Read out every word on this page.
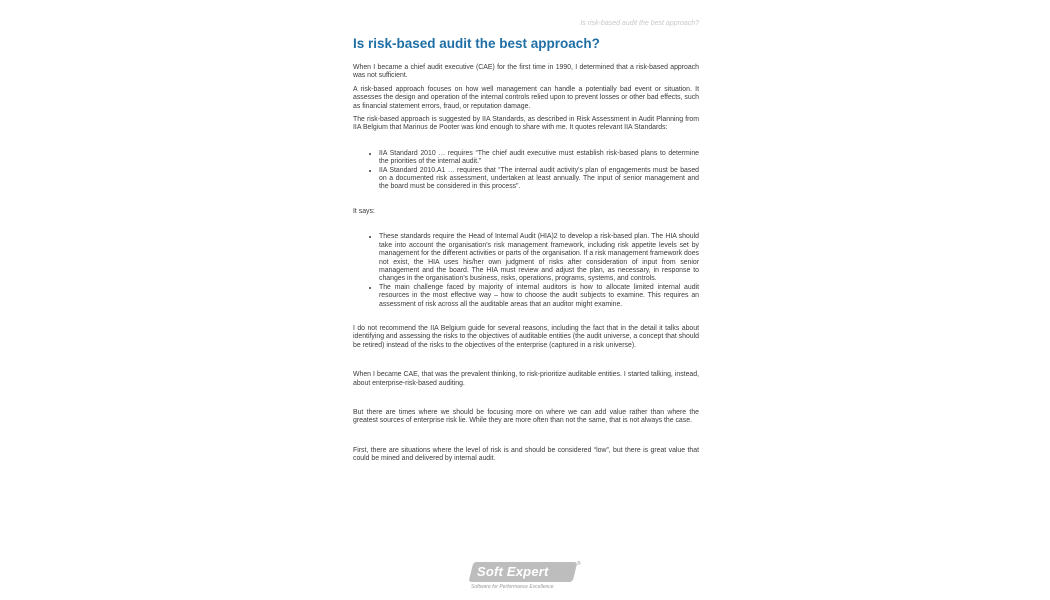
Is risk-based audit the best approach?
Is risk-based audit the best approach?

When I became a chief audit executive (CAE) for the first time in 1990, I determined that a risk-based approach was not sufficient.

A risk-based approach focuses on how well management can handle a potentially bad event or situation. It assesses the design and operation of the internal controls relied upon to prevent losses or other bad effects, such as financial statement errors, fraud, or reputation damage.

The risk-based approach is suggested by IIA Standards, as described in Risk Assessment in Audit Planning from IIA Belgium that Marinus de Pooter was kind enough to share with me. It quotes relevant IIA Standards:

• IIA Standard 2010 … requires “The chief audit executive must establish risk-based plans to determine the priorities of the internal audit.”
• IIA Standard 2010.A1 … requires that “The internal audit activity’s plan of engagements must be based on a documented risk assessment, undertaken at least annually. The input of senior management and the board must be considered in this process”.

It says:

• These standards require the Head of Internal Audit (HIA)2 to develop a risk-based plan. The HIA should take into account the organisation’s risk management framework, including risk appetite levels set by management for the different activities or parts of the organisation. If a risk management framework does not exist, the HIA uses his/her own judgment of risks after consideration of input from senior management and the board. The HIA must review and adjust the plan, as necessary, in response to changes in the organisation’s business, risks, operations, programs, systems, and controls.
• The main challenge faced by majority of internal auditors is how to allocate limited internal audit resources in the most effective way – how to choose the audit subjects to examine. This requires an assessment of risk across all the auditable areas that an auditor might examine.

I do not recommend the IIA Belgium guide for several reasons, including the fact that in the detail it talks about identifying and assessing the risks to the objectives of auditable entities (the audit universe, a concept that should be retired) instead of the risks to the objectives of the enterprise (captured in a risk universe).

When I became CAE, that was the prevalent thinking, to risk-prioritize auditable entities. I started talking, instead, about enterprise-risk-based auditing.

But there are times where we should be focusing more on where we can add value rather than where the greatest sources of enterprise risk lie. While they are more often than not the same, that is not always the case.

First, there are situations where the level of risk is and should be considered “low”, but there is great value that could be mined and delivered by internal audit.

Soft Expert	®
Software for Performance Excellence
